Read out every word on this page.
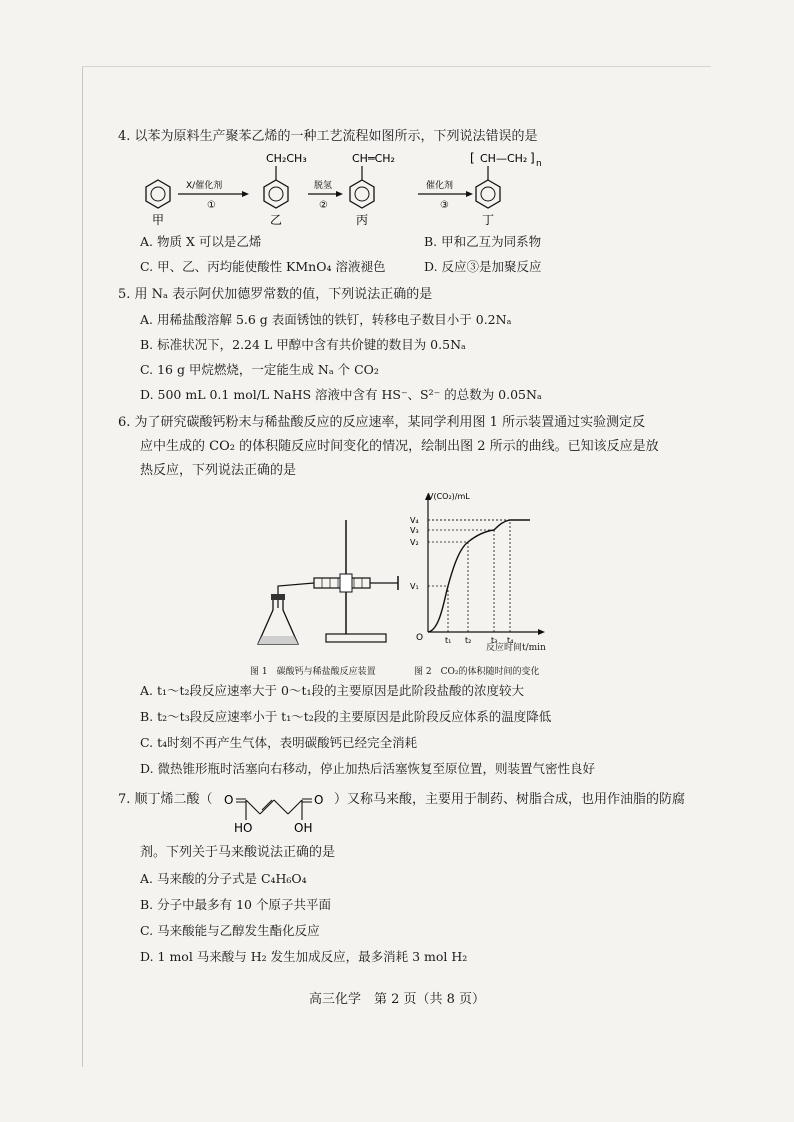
4. 以苯为原料生产聚苯乙烯的一种工艺流程如图所示，下列说法错误的是
甲
X/催化剂
①
CH₂CH₃
乙
脱氢
②
CH═CH₂
丙
催化剂
③
[ CH—CH₂ ] n
丁
A. 物质 X 可以是乙烯	B. 甲和乙互为同系物
C. 甲、乙、丙均能使酸性 KMnO₄ 溶液褪色	D. 反应③是加聚反应
5. 用 Nₐ 表示阿伏加德罗常数的值，下列说法正确的是
A. 用稀盐酸溶解 5.6 g 表面锈蚀的铁钉，转移电子数目小于 0.2Nₐ
B. 标准状况下，2.24 L 甲醇中含有共价键的数目为 0.5Nₐ
C. 16 g 甲烷燃烧，一定能生成 Nₐ 个 CO₂
D. 500 mL 0.1 mol/L NaHS 溶液中含有 HS⁻、S²⁻ 的总数为 0.05Nₐ
6. 为了研究碳酸钙粉末与稀盐酸反应的反应速率，某同学利用图 1 所示装置通过实验测定反
应中生成的 CO₂ 的体积随反应时间变化的情况，绘制出图 2 所示的曲线。已知该反应是放
热反应，下列说法正确的是
图 1　碳酸钙与稀盐酸反应装置
V(CO₂)/mL
O
V₁
V₂
V₃
V₄
t₁ t₂ t₃ t₄
反应时间t/min
图 2　CO₂的体积随时间的变化
A. t₁～t₂段反应速率大于 0～t₁段的主要原因是此阶段盐酸的浓度较大
B. t₂～t₃段反应速率小于 t₁～t₂段的主要原因是此阶段反应体系的温度降低
C. t₄时刻不再产生气体，表明碳酸钙已经完全消耗
D. 微热锥形瓶时活塞向右移动，停止加热后活塞恢复至原位置，则装置气密性良好
7. 顺丁烯二酸（ O	O
HO	OH
）又称马来酸，主要用于制药、树脂合成，也用作油脂的防腐
剂。下列关于马来酸说法正确的是
A. 马来酸的分子式是 C₄H₆O₄
B. 分子中最多有 10 个原子共平面
C. 马来酸能与乙醇发生酯化反应
D. 1 mol 马来酸与 H₂ 发生加成反应，最多消耗 3 mol H₂
高三化学　第 2 页（共 8 页）
